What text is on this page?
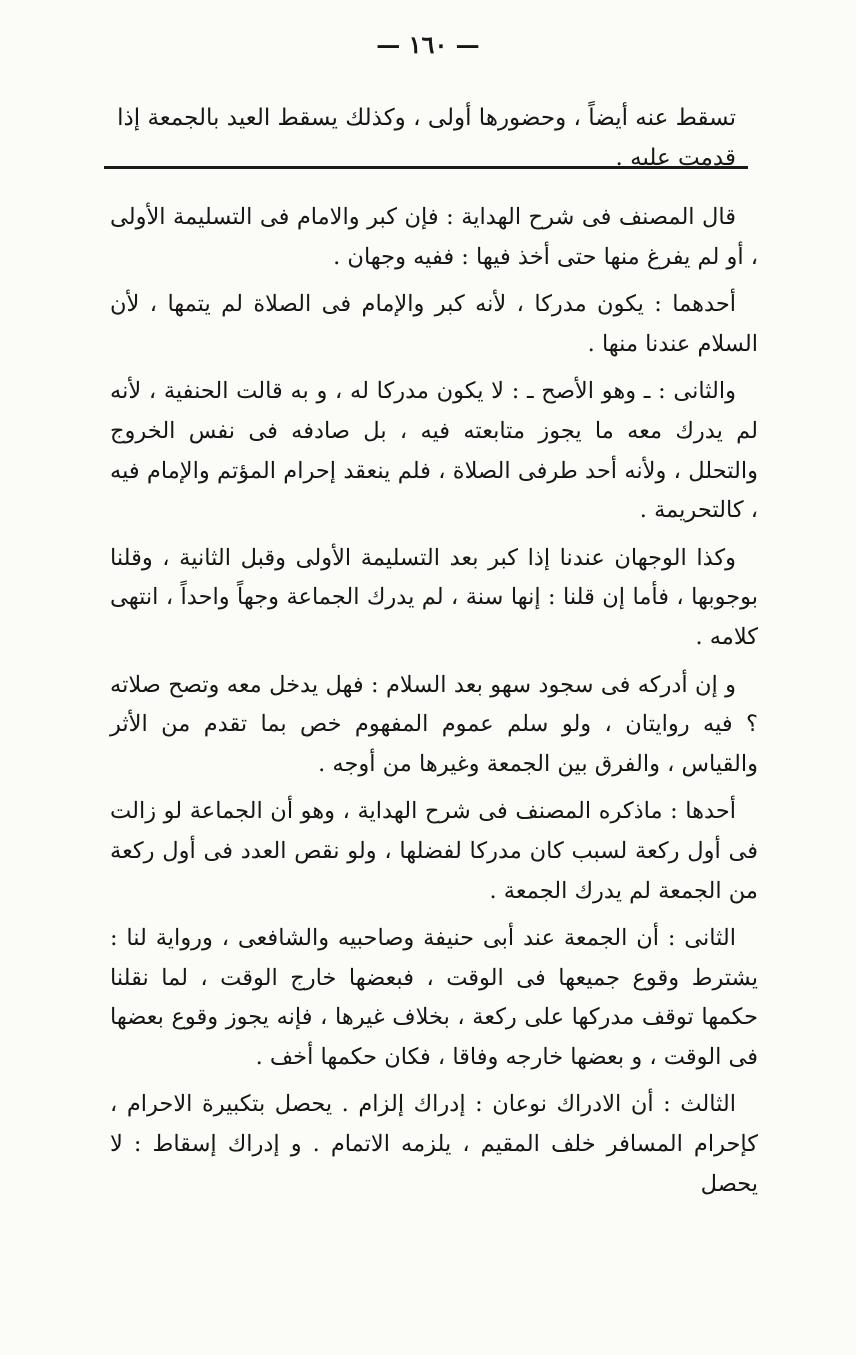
— ١٦٠ —
تسقط عنه أيضاً ، وحضورها أولى ، وكذلك يسقط العيد بالجمعة إذا قدمت عليه .

قال المصنف فى شرح الهداية : فإن كبر والامام فى التسليمة الأولى ، أو لم يفرغ منها حتى أخذ فيها : ففيه وجهان .

أحدهما : يكون مدركا ، لأنه كبر والإمام فى الصلاة لم يتمها ، لأن السلام عندنا منها .

والثانى : ـ وهو الأصح ـ : لا يكون مدركا له ، و به قالت الحنفية ، لأنه لم يدرك معه ما يجوز متابعته فيه ، بل صادفه فى نفس الخروج والتحلل ، ولأنه أحد طرفى الصلاة ، فلم ينعقد إحرام المؤتم والإمام فيه ، كالتحريمة .

وكذا الوجهان عندنا إذا كبر بعد التسليمة الأولى وقبل الثانية ، وقلنا بوجوبها ، فأما إن قلنا : إنها سنة ، لم يدرك الجماعة وجهاً واحداً ، انتهى كلامه .

و إن أدركه فى سجود سهو بعد السلام : فهل يدخل معه وتصح صلاته ؟ فيه روايتان ، ولو سلم عموم المفهوم خص بما تقدم من الأثر والقياس ، والفرق بين الجمعة وغيرها من أوجه .

أحدها : ماذكره المصنف فى شرح الهداية ، وهو أن الجماعة لو زالت فى أول ركعة لسبب كان مدركا لفضلها ، ولو نقص العدد فى أول ركعة من الجمعة لم يدرك الجمعة .

الثانى : أن الجمعة عند أبى حنيفة وصاحبيه والشافعى ، ورواية لنا : يشترط وقوع جميعها فى الوقت ، فبعضها خارج الوقت ، لما نقلنا حكمها توقف مدركها على ركعة ، بخلاف غيرها ، فإنه يجوز وقوع بعضها فى الوقت ، و بعضها خارجه وفاقا ، فكان حكمها أخف .

الثالث : أن الادراك نوعان : إدراك إلزام . يحصل بتكبيرة الاحرام ، كإحرام المسافر خلف المقيم ، يلزمه الاتمام . و إدراك إسقاط : لا يحصل
